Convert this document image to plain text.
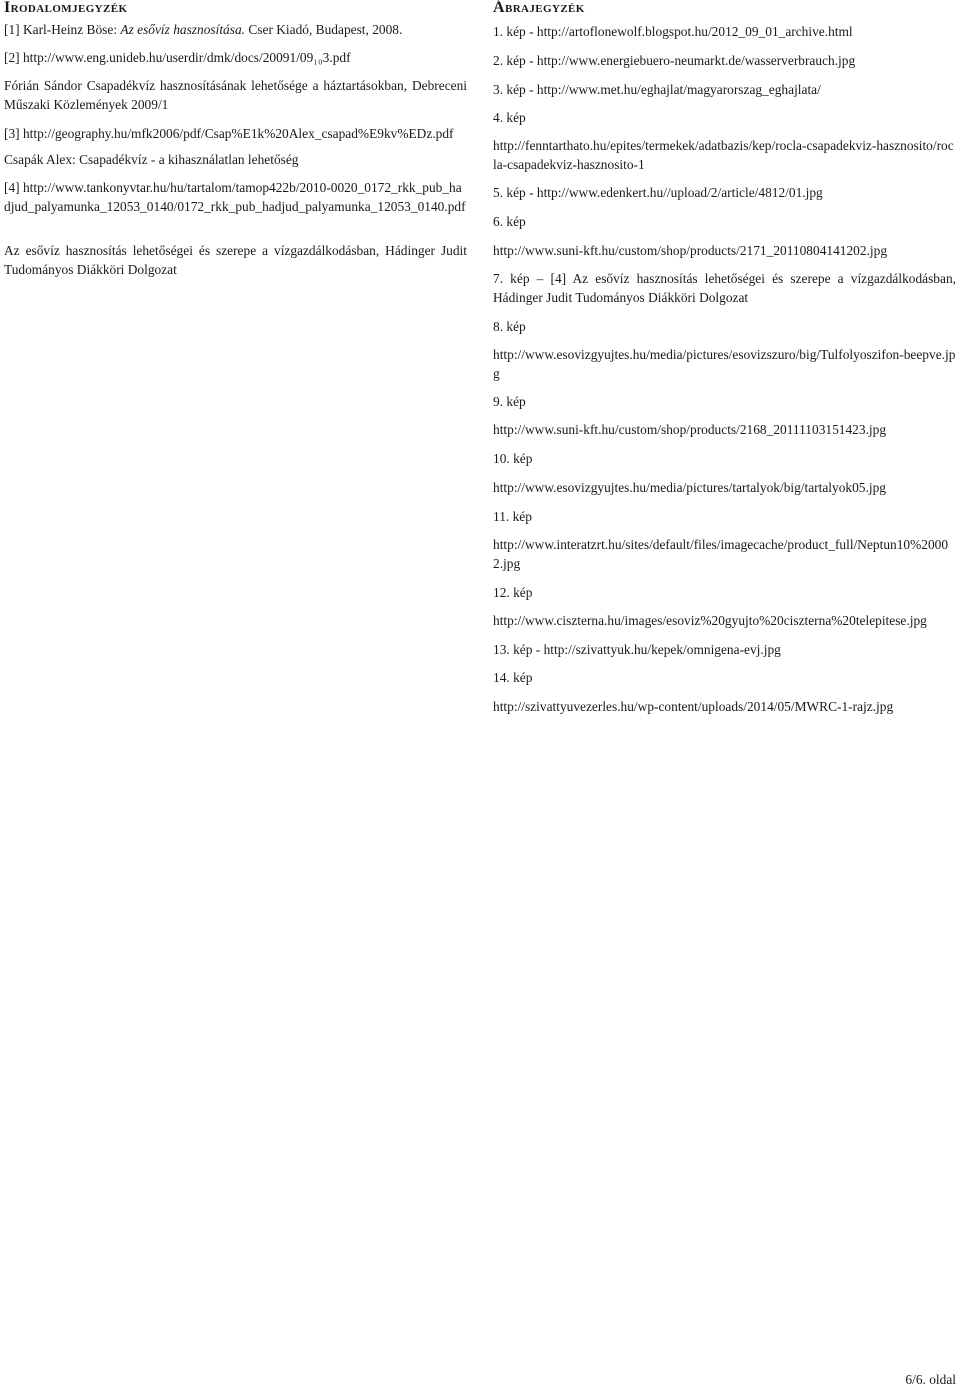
Irodalomjegyzék

[1] Karl-Heinz Böse: Az esővíz hasznosítása. Cser Kiadó, Budapest, 2008.

[2] http://www.eng.unideb.hu/userdir/dmk/docs/20091/09₁₀3.pdf

Fórián Sándor Csapadékvíz hasznosításának lehetősége a háztartásokban, Debreceni Műszaki Közlemények 2009/1

[3] http://geography.hu/mfk2006/pdf/Csap%E1k%20Alex_csapad%E9kv%EDz.pdf

Csapák Alex: Csapadékvíz - a kihasználatlan lehetőség

[4] http://www.tankonyvtar.hu/hu/tartalom/tamop422b/2010-0020_0172_rkk_pub_hadjud_palyamunka_12053_0140/0172_rkk_pub_hadjud_palyamunka_12053_0140.pdf

Az esővíz hasznosítás lehetőségei és szerepe a vízgazdálkodásban, Hádinger Judit Tudományos Diákköri Dolgozat

Ábrajegyzék

1. kép - http://artoflonewolf.blogspot.hu/2012_09_01_archive.html

2. kép - http://www.energiebuero-neumarkt.de/wasserverbrauch.jpg

3. kép - http://www.met.hu/eghajlat/magyarorszag_eghajlata/

4. kép

http://fenntarthato.hu/epites/termekek/adatbazis/kep/rocla-csapadekviz-hasznosito/rocla-csapadekviz-hasznosito-1

5. kép - http://www.edenkert.hu//upload/2/article/4812/01.jpg

6. kép

http://www.suni-kft.hu/custom/shop/products/2171_20110804141202.jpg

7. kép – [4] Az esővíz hasznosítás lehetőségei és szerepe a vízgazdálkodásban, Hádinger Judit Tudományos Diákköri Dolgozat

8. kép

http://www.esovizgyujtes.hu/media/pictures/esovizszuro/big/Tulfolyoszifon-beepve.jpg

9. kép

http://www.suni-kft.hu/custom/shop/products/2168_20111103151423.jpg

10. kép

http://www.esovizgyujtes.hu/media/pictures/tartalyok/big/tartalyok05.jpg

11. kép

http://www.interatzrt.hu/sites/default/files/imagecache/product_full/Neptun10%20002.jpg

12. kép

http://www.ciszterna.hu/images/esoviz%20gyujto%20ciszterna%20telepitese.jpg

13. kép - http://szivattyuk.hu/kepek/omnigena-evj.jpg

14. kép

http://szivattyuvezerles.hu/wp-content/uploads/2014/05/MWRC-1-rajz.jpg

6/6. oldal
